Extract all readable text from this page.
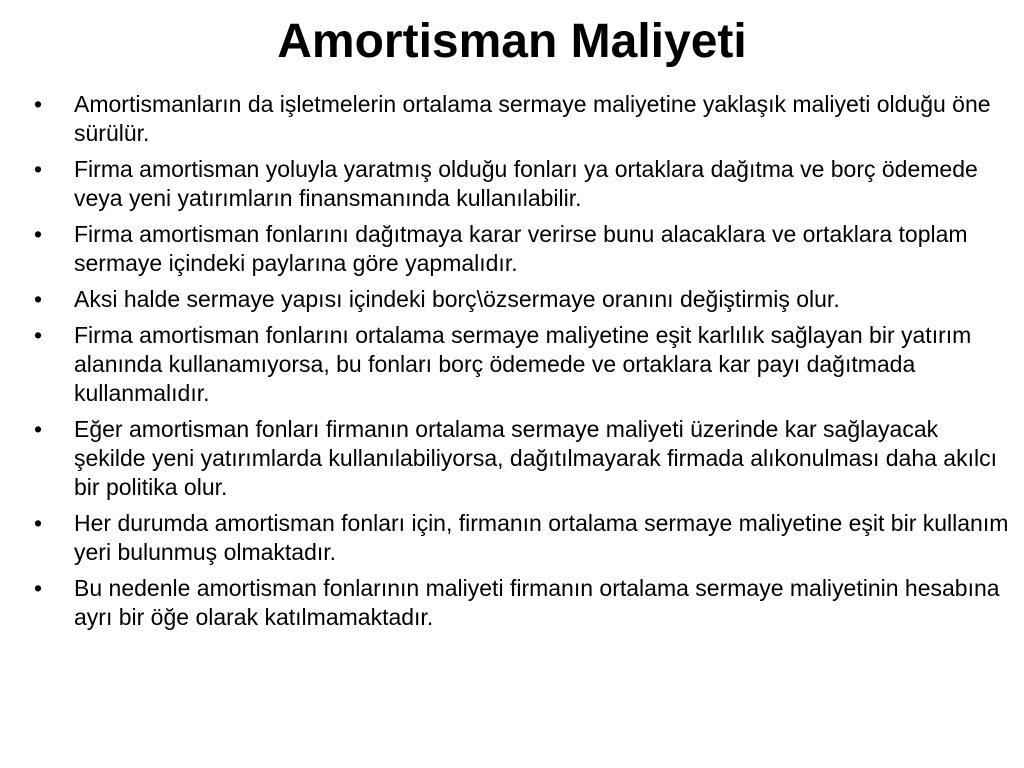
Amortisman Maliyeti
•	Amortismanların da işletmelerin ortalama sermaye maliyetine yaklaşık maliyeti olduğu öne sürülür.
•	Firma amortisman yoluyla yaratmış olduğu fonları ya ortaklara dağıtma ve borç ödemede veya yeni yatırımların finansmanında kullanılabilir.
•	Firma amortisman fonlarını dağıtmaya karar verirse bunu alacaklara ve ortaklara toplam sermaye içindeki paylarına göre yapmalıdır.
•	Aksi halde sermaye yapısı içindeki borç\özsermaye oranını değiştirmiş olur.
•	Firma amortisman fonlarını ortalama sermaye maliyetine eşit karlılık sağlayan bir yatırım alanında kullanamıyorsa, bu fonları borç ödemede ve ortaklara kar payı dağıtmada kullanmalıdır.
•	Eğer amortisman fonları firmanın ortalama sermaye maliyeti üzerinde kar sağlayacak şekilde yeni yatırımlarda kullanılabiliyorsa, dağıtılmayarak firmada alıkonulması daha akılcı bir politika olur.
•	Her durumda amortisman fonları için, firmanın ortalama sermaye maliyetine eşit bir kullanım yeri bulunmuş olmaktadır.
•	Bu nedenle amortisman fonlarının maliyeti firmanın ortalama sermaye maliyetinin hesabına ayrı bir öğe olarak katılmamaktadır.
